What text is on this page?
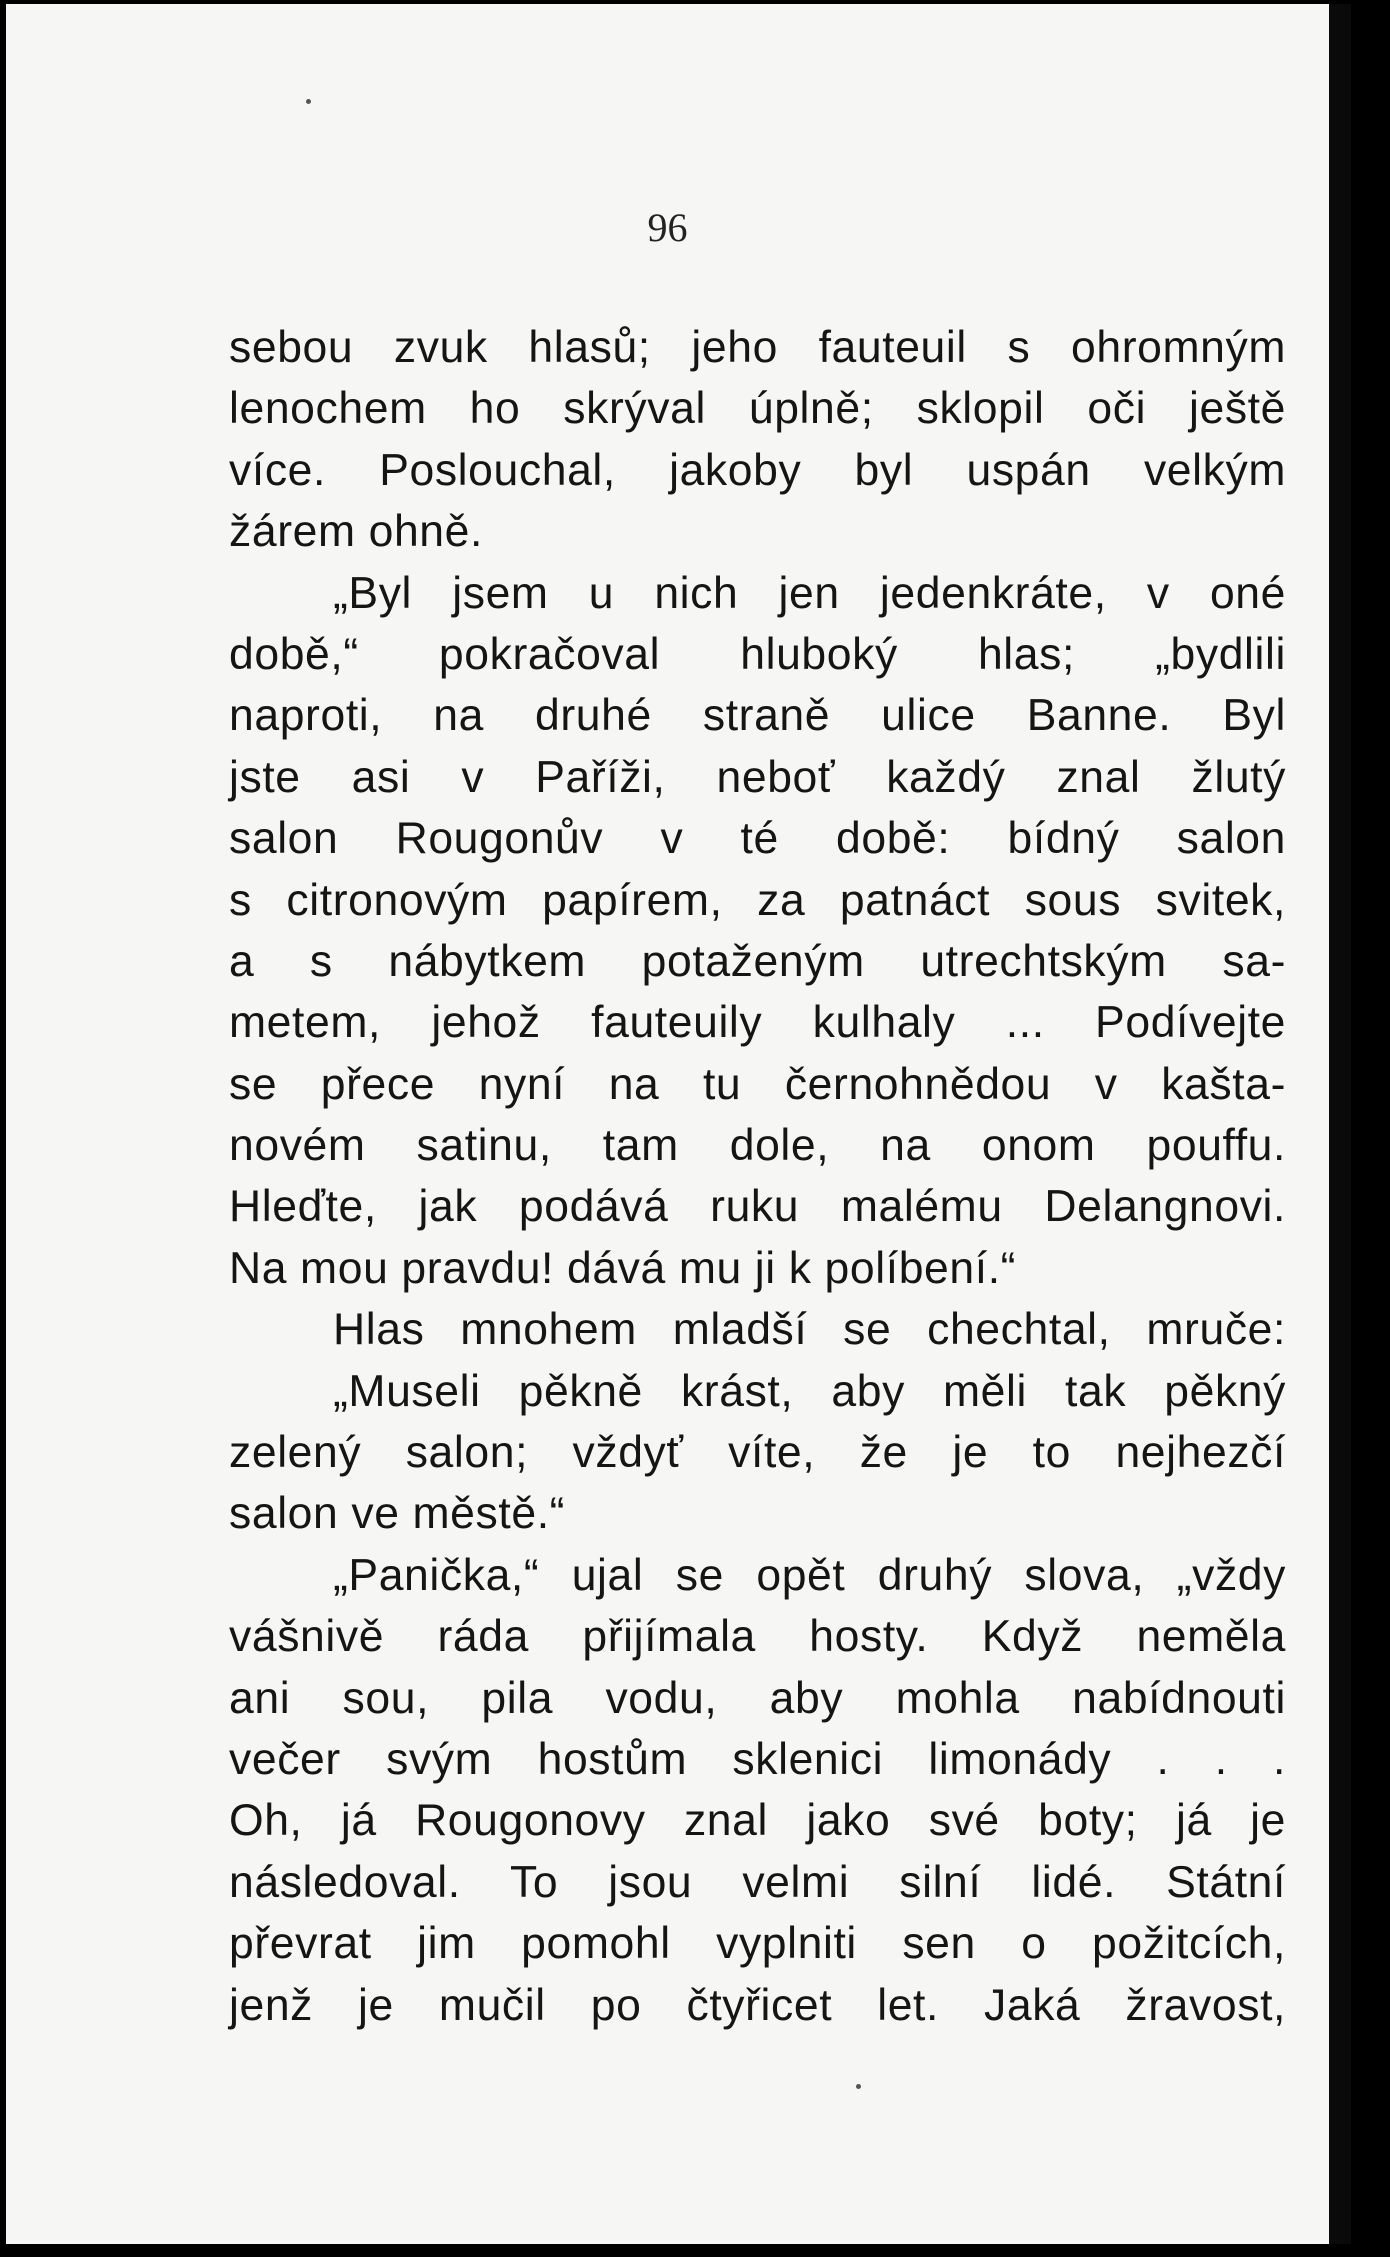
96
sebou zvuk hlasů; jeho fauteuil s ohromným
lenochem ho skrýval úplně; sklopil oči ještě
více. Poslouchal, jakoby byl uspán velkým
žárem ohně.
„Byl jsem u nich jen jedenkráte, v oné
době,“ pokračoval hluboký hlas; „bydlili
naproti, na druhé straně ulice Banne. Byl
jste asi v Paříži, neboť každý znal žlutý
salon Rougonův v té době: bídný salon
s citronovým papírem, za patnáct sous svitek,
a s nábytkem potaženým utrechtským sa-
metem, jehož fauteuily kulhaly ... Podívejte
se přece nyní na tu černohnědou v kašta-
novém satinu, tam dole, na onom pouffu.
Hleďte, jak podává ruku malému Delangnovi.
Na mou pravdu! dává mu ji k políbení.“
Hlas mnohem mladší se chechtal, mruče:
„Museli pěkně krást, aby měli tak pěkný
zelený salon; vždyť víte, že je to nejhezčí
salon ve městě.“
„Panička,“ ujal se opět druhý slova, „vždy
vášnivě ráda přijímala hosty. Když neměla
ani sou, pila vodu, aby mohla nabídnouti
večer svým hostům sklenici limonády . . .
Oh, já Rougonovy znal jako své boty; já je
následoval. To jsou velmi silní lidé. Státní
převrat jim pomohl vyplniti sen o požitcích,
jenž je mučil po čtyřicet let. Jaká žravost,
